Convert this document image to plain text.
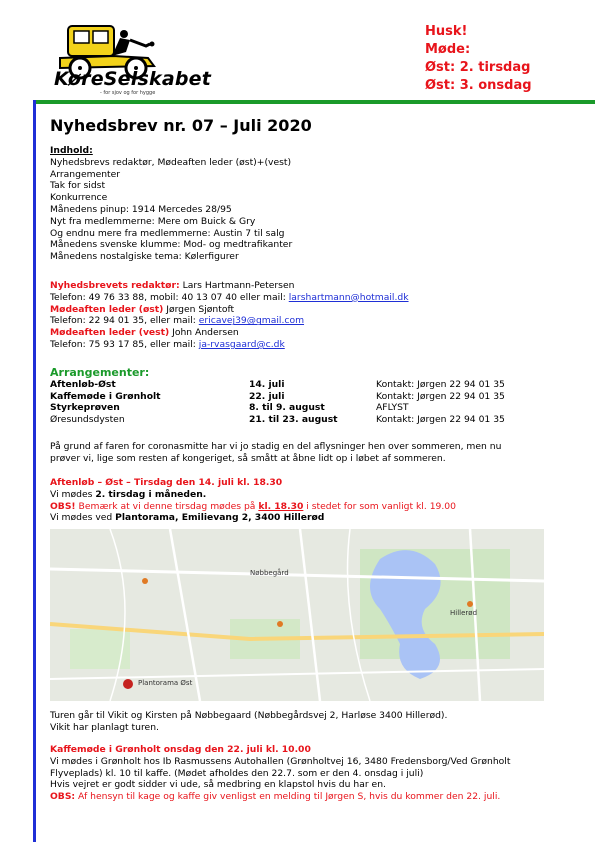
KøreSelskabet
- for sjov og for hygge
Husk!
Møde:
Øst: 2. tirsdag
Øst: 3. onsdag
Nyhedsbrev nr. 07 – Juli 2020
Indhold:
Nyhedsbrevs redaktør, Mødeaften leder (øst)+(vest)
Arrangementer
Tak for sidst
Konkurrence
Månedens pinup: 1914 Mercedes 28/95
Nyt fra medlemmerne: Mere om Buick & Gry
Og endnu mere fra medlemmerne: Austin 7 til salg
Månedens svenske klumme: Mod- og medtrafikanter
Månedens nostalgiske tema: Kølerfigurer
Nyhedsbrevets redaktør: Lars Hartmann-Petersen
Telefon: 49 76 33 88, mobil: 40 13 07 40 eller mail: larshartmann@hotmail.dk
Mødeaften leder (øst) Jørgen Sjøntoft
Telefon: 22 94 01 35, eller mail: ericavej39@gmail.com
Mødeaften leder (vest) John Andersen
Telefon: 75 93 17 85, eller mail: ja-rvasgaard@c.dk
Arrangementer:
Aftenløb-Øst	14. juli	Kontakt: Jørgen 22 94 01 35
Kaffemøde i Grønholt	22. juli	Kontakt: Jørgen 22 94 01 35
Styrkeprøven	8. til 9. august	AFLYST
Øresundsdysten	21. til 23. august	Kontakt: Jørgen 22 94 01 35
På grund af faren for coronasmitte har vi jo stadig en del aflysninger hen over sommeren, men nu
prøver vi, lige som resten af kongeriget, så smått at åbne lidt op i løbet af sommeren.
Aftenløb – Øst – Tirsdag den 14. juli kl. 18.30
Vi mødes 2. tirsdag i måneden.
OBS! Bemærk at vi denne tirsdag mødes på kl. 18.30 i stedet for som vanligt kl. 19.00
Vi mødes ved Plantorama, Emilievang 2, 3400 Hillerød
Plantorama Øst
Hillerød
Nøbbegård
Turen går til Vikit og Kirsten på Nøbbegaard (Nøbbegårdsvej 2, Harløse 3400 Hillerød).
Vikit har planlagt turen.
Kaffemøde i Grønholt onsdag den 22. juli kl. 10.00
Vi mødes i Grønholt hos Ib Rasmussens Autohallen (Grønholtvej 16, 3480 Fredensborg/Ved Grønholt
Flyveplads) kl. 10 til kaffe. (Mødet afholdes den 22.7. som er den 4. onsdag i juli)
Hvis vejret er godt sidder vi ude, så medbring en klapstol hvis du har en.
OBS: Af hensyn til kage og kaffe giv venligst en melding til Jørgen S, hvis du kommer den 22. juli.
